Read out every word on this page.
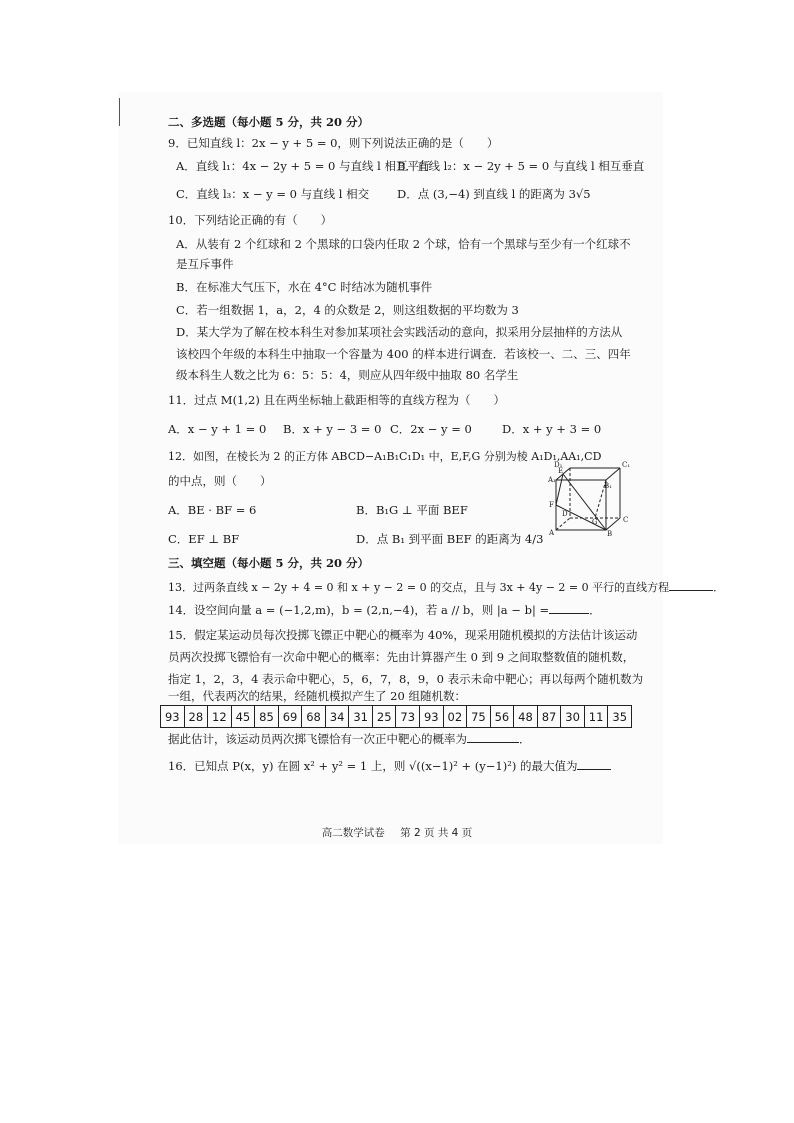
二、多选题（每小题 5 分，共 20 分）
9．已知直线 l：2x − y + 5 = 0，则下列说法正确的是（　　）
A．直线 l₁：4x − 2y + 5 = 0 与直线 l 相互平行
B．直线 l₂：x − 2y + 5 = 0 与直线 l 相互垂直
C．直线 l₃：x − y = 0 与直线 l 相交 D．点 (3,−4) 到直线 l 的距离为 3√5
10．下列结论正确的有（　　）
A．从装有 2 个红球和 2 个黑球的口袋内任取 2 个球，恰有一个黑球与至少有一个红球不
是互斥事件
B．在标准大气压下，水在 4°C 时结冰为随机事件
C．若一组数据 1，a，2，4 的众数是 2，则这组数据的平均数为 3
D．某大学为了解在校本科生对参加某项社会实践活动的意向，拟采用分层抽样的方法从
该校四个年级的本科生中抽取一个容量为 400 的样本进行调查．若该校一、二、三、四年
级本科生人数之比为 6：5：5：4，则应从四年级中抽取 80 名学生
11．过点 M(1,2) 且在两坐标轴上截距相等的直线方程为（　　）
A．x − y + 1 = 0 B．x + y − 3 = 0 C．2x − y = 0	D．x + y + 3 = 0

12．如图，在棱长为 2 的正方体 ABCD−A₁B₁C₁D₁ 中，E,F,G 分别为棱 A₁D₁,AA₁,CD
的中点，则（　　）
A．BE · BF = 6	B．B₁G ⊥ 平面 BEF
C．EF ⊥ BF	D．点 B₁ 到平面 BEF 的距离为 4/3
D₁	C₁
A₁
B₁
E
F
D
G	C
A	B
三、填空题（每小题 5 分，共 20 分）
13．过两条直线 x − 2y + 4 = 0 和 x + y − 2 = 0 的交点，且与 3x + 4y − 2 = 0 平行的直线方程	．
14．设空间向量 a = (−1,2,m)，b = (2,n,−4)，若 a // b，则 |a − b| =	．
15．假定某运动员每次投掷飞镖正中靶心的概率为 40%，现采用随机模拟的方法估计该运动
员两次投掷飞镖恰有一次命中靶心的概率：先由计算器产生 0 到 9 之间取整数值的随机数，
指定 1，2，3，4 表示命中靶心，5，6，7，8，9，0 表示未命中靶心；再以每两个随机数为
一组，代表两次的结果，经随机模拟产生了 20 组随机数：
93	28	12	45	85	69	68	34	31	25	73	93	02	75	56	48	87	30	11	35
据此估计，该运动员两次掷飞镖恰有一次正中靶心的概率为	．
16．已知点 P(x，y) 在圆 x² + y² = 1 上，则 √((x−1)² + (y−1)²) 的最大值为
高二数学试卷 第 2 页 共 4 页
